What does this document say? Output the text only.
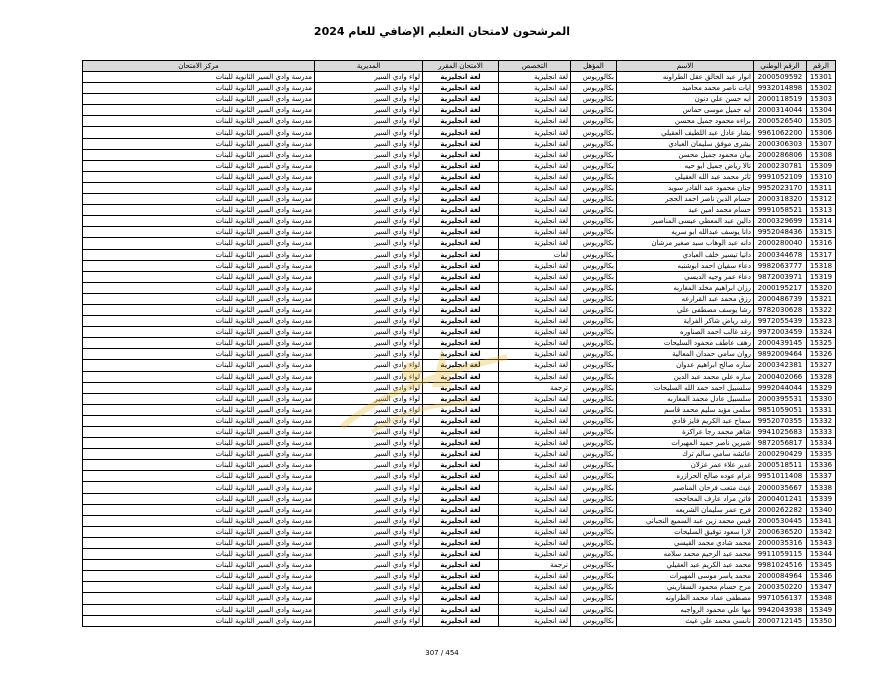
المرشحون لامتحان التعليم الإضافي للعام 2024
الرقم	الرقم الوطني	الاسم	المؤهل	التخصص	الامتحان المقرر	المديرية	مركز الامتحان
15301	2000509592	انوار عبد الخالق عقل الطراونه	بكالوريوس	لغة انجليزية	لغة انجليزية	لواء وادي السير	مدرسة وادي السير الثانوية للبنات
15302	9932014898	ايات ناصر محمد محاميد	بكالوريوس	لغة انجليزية	لغة انجليزية	لواء وادي السير	مدرسة وادي السير الثانوية للبنات
15303	2000118519	ايه حسن علي دنون	بكالوريوس	لغة انجليزية	لغة انجليزية	لواء وادي السير	مدرسة وادي السير الثانوية للبنات
15304	2000314044	ايه جميل موسى حماس	بكالوريوس	لغة انجليزية	لغة انجليزية	لواء وادي السير	مدرسة وادي السير الثانوية للبنات
15305	2000526540	براءه محمود جميل محسن	بكالوريوس	لغة انجليزية	لغة انجليزية	لواء وادي السير	مدرسة وادي السير الثانوية للبنات
15306	9961062200	بشار عادل عبد اللطيف العقيلي	بكالوريوس	لغة انجليزية	لغة انجليزية	لواء وادي السير	مدرسة وادي السير الثانوية للبنات
15307	2000306303	بشرى موفق سليمان العبادي	بكالوريوس	لغة انجليزية	لغة انجليزية	لواء وادي السير	مدرسة وادي السير الثانوية للبنات
15308	2000286806	بيان محمود جميل محسن	بكالوريوس	لغة انجليزية	لغة انجليزية	لواء وادي السير	مدرسة وادي السير الثانوية للبنات
15309	2000230781	تالا رياض جميل ابو حيه	بكالوريوس	لغة انجليزية	لغة انجليزية	لواء وادي السير	مدرسة وادي السير الثانوية للبنات
15310	9991052109	ثائر محمد عبد الله العقيلي	بكالوريوس	لغة انجليزية	لغة انجليزية	لواء وادي السير	مدرسة وادي السير الثانوية للبنات
15311	9952023170	جنان محمود عبد القادر سويد	بكالوريوس	لغة انجليزية	لغة انجليزية	لواء وادي السير	مدرسة وادي السير الثانوية للبنات
15312	2000318320	حسام الدين ناصر احمد الحجر	بكالوريوس	لغة انجليزية	لغة انجليزية	لواء وادي السير	مدرسة وادي السير الثانوية للبنات
15313	9991058521	حسام محمد امين عيد	بكالوريوس	لغة انجليزية	لغة انجليزية	لواء وادي السير	مدرسة وادي السير الثانوية للبنات
15314	2000329699	دالين عبد المعطي عيسى المناصير	بكالوريوس	لغة انجليزية	لغة انجليزية	لواء وادي السير	مدرسة وادي السير الثانوية للبنات
15315	9952048436	دانا يوسف عبدالله ابو سريه	بكالوريوس	لغة انجليزية	لغة انجليزية	لواء وادي السير	مدرسة وادي السير الثانوية للبنات
15316	2000280040	دانه عبد الوهاب سيد صغير مرشان	بكالوريوس	لغة انجليزية	لغة انجليزية	لواء وادي السير	مدرسة وادي السير الثانوية للبنات
15317	2000344678	دانيا تيسير خلف العبادي	بكالوريوس	لغات	لغة انجليزية	لواء وادي السير	مدرسة وادي السير الثانوية للبنات
15318	9982063777	دعاء سفيان احمد ابوشنبه	بكالوريوس	لغة انجليزية	لغة انجليزية	لواء وادي السير	مدرسة وادي السير الثانوية للبنات
15319	9872003971	دعاء عمر وجيه الديسي	بكالوريوس	لغة انجليزية	لغة انجليزية	لواء وادي السير	مدرسة وادي السير الثانوية للبنات
15320	2000195217	رزان ابراهيم مخلد المغاربه	بكالوريوس	لغة انجليزية	لغة انجليزية	لواء وادي السير	مدرسة وادي السير الثانوية للبنات
15321	2000486739	رزق محمد عبد القرارعه	بكالوريوس	لغة انجليزية	لغة انجليزية	لواء وادي السير	مدرسة وادي السير الثانوية للبنات
15322	9782030628	رشا يوسف مصطفى علي	بكالوريوس	لغة انجليزية	لغة انجليزية	لواء وادي السير	مدرسة وادي السير الثانوية للبنات
15323	9972055439	رغد رياض شاكر الفراية	بكالوريوس	لغة انجليزية	لغة انجليزية	لواء وادي السير	مدرسة وادي السير الثانوية للبنات
15324	9972003459	رغد غالب احمد الصناوره	بكالوريوس	لغة انجليزية	لغة انجليزية	لواء وادي السير	مدرسة وادي السير الثانوية للبنات
15325	2000439145	رهف عاطف محمود السليحات	بكالوريوس	لغة انجليزية	لغة انجليزية	لواء وادي السير	مدرسة وادي السير الثانوية للبنات
15326	9892009464	روان سامي حمدان المعالية	بكالوريوس	لغة انجليزية	لغة انجليزية	لواء وادي السير	مدرسة وادي السير الثانوية للبنات
15327	2000342381	ساره صالح ابراهيم عدوان	بكالوريوس	لغة انجليزية	لغة انجليزية	لواء وادي السير	مدرسة وادي السير الثانوية للبنات
15328	2000402066	ساره علي محمد عبد الدين	بكالوريوس	لغة انجليزية	لغة انجليزية	لواء وادي السير	مدرسة وادي السير الثانوية للبنات
15329	9992044044	سلسبيل احمد حمد الله السليحات	بكالوريوس	ترجمة	لغة انجليزية	لواء وادي السير	مدرسة وادي السير الثانوية للبنات
15330	2000395531	سلسبيل عادل محمد المغاربه	بكالوريوس	لغة انجليزية	لغة انجليزية	لواء وادي السير	مدرسة وادي السير الثانوية للبنات
15331	9851059051	سلمى مؤيد سليم محمد قاسم	بكالوريوس	لغة انجليزية	لغة انجليزية	لواء وادي السير	مدرسة وادي السير الثانوية للبنات
15332	9952070355	سماح عبد الكريم فايز قادي	بكالوريوس	لغة انجليزية	لغة انجليزية	لواء وادي السير	مدرسة وادي السير الثانوية للبنات
15333	9941025683	شاهر محمد رجا عراكزة	بكالوريوس	لغة انجليزية	لغة انجليزية	لواء وادي السير	مدرسة وادي السير الثانوية للبنات
15334	9872056817	شيرين ناصر حميد المهيرات	بكالوريوس	لغة انجليزية	لغة انجليزية	لواء وادي السير	مدرسة وادي السير الثانوية للبنات
15335	2000290429	عائشه سامي سالم ترك	بكالوريوس	لغة انجليزية	لغة انجليزية	لواء وادي السير	مدرسة وادي السير الثانوية للبنات
15336	2000518511	غدير علاء عمر غزلان	بكالوريوس	لغة انجليزية	لغة انجليزية	لواء وادي السير	مدرسة وادي السير الثانوية للبنات
15337	9951011408	غرام عوده صالح الحرازره	بكالوريوس	لغة انجليزية	لغة انجليزية	لواء وادي السير	مدرسة وادي السير الثانوية للبنات
15338	2000035667	غيث متعب فرحان المناصير	بكالوريوس	لغة انجليزية	لغة انجليزية	لواء وادي السير	مدرسة وادي السير الثانوية للبنات
15339	2000401241	فاتن مراد عارف المحاجحه	بكالوريوس	لغة انجليزية	لغة انجليزية	لواء وادي السير	مدرسة وادي السير الثانوية للبنات
15340	2000262282	فرح عمر سليمان الشريعه	بكالوريوس	لغة انجليزية	لغة انجليزية	لواء وادي السير	مدرسة وادي السير الثانوية للبنات
15341	2000530445	قيس محمد زين عبد السميع النجباني	بكالوريوس	لغة انجليزية	لغة انجليزية	لواء وادي السير	مدرسة وادي السير الثانوية للبنات
15342	2000636520	لارا سعود توفيق السليحات	بكالوريوس	لغة انجليزية	لغة انجليزية	لواء وادي السير	مدرسة وادي السير الثانوية للبنات
15343	2000035316	محمد شادي محمد القيسي	بكالوريوس	لغة انجليزية	لغة انجليزية	لواء وادي السير	مدرسة وادي السير الثانوية للبنات
15344	9911059115	محمد عبد الرحيم محمد سلامه	بكالوريوس	لغة انجليزية	لغة انجليزية	لواء وادي السير	مدرسة وادي السير الثانوية للبنات
15345	9981024516	محمد عبد الكريم عبد العقيلي	بكالوريوس	ترجمة	لغة انجليزية	لواء وادي السير	مدرسة وادي السير الثانوية للبنات
15346	2000084964	محمد ياسر موسى المهيرات	بكالوريوس	لغة انجليزية	لغة انجليزية	لواء وادي السير	مدرسة وادي السير الثانوية للبنات
15347	2000350220	مرح حسام محمود السقاريني	بكالوريوس	لغة انجليزية	لغة انجليزية	لواء وادي السير	مدرسة وادي السير الثانوية للبنات
15348	9971056137	مصطفى عماد محمد الطراونه	بكالوريوس	لغة انجليزية	لغة انجليزية	لواء وادي السير	مدرسة وادي السير الثانوية للبنات
15349	9942043938	مها علي محمود الرواجبه	بكالوريوس	لغة انجليزية	لغة انجليزية	لواء وادي السير	مدرسة وادي السير الثانوية للبنات
15350	2000712145	نانسي محمد علي غيث	بكالوريوس	لغة انجليزية	لغة انجليزية	لواء وادي السير	مدرسة وادي السير الثانوية للبنات
307 / 454
